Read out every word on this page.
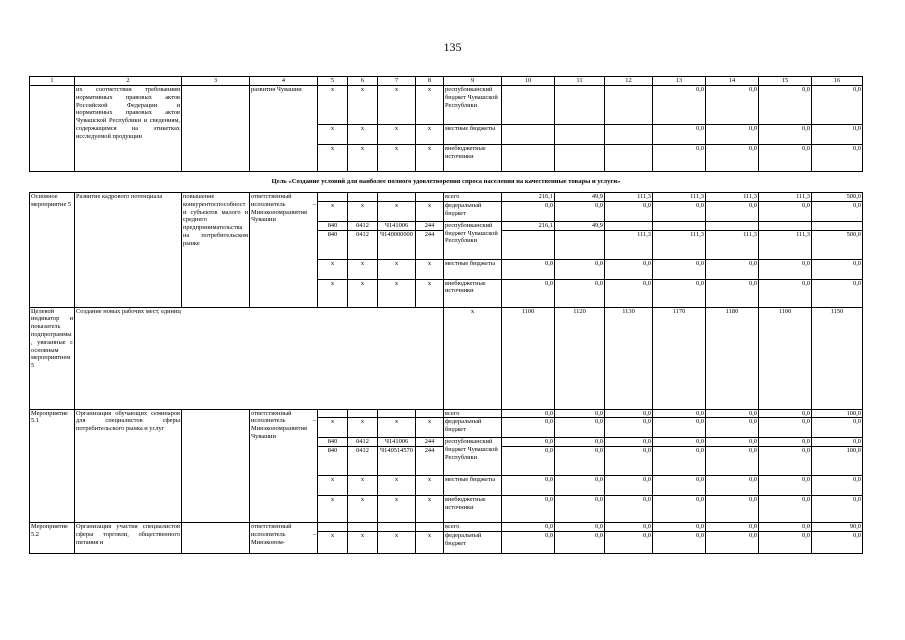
135
1	2	3	4	5	6	7	8	9	10	11	12	13	14	15	16
	их соответствия требованиям нормативных правовых актов Российской Федерации и нормативных правовых актов Чувашской Республики и сведениям, содержащимся на этикетках исследуемой продукции		развития Чувашии	x	x	x	x	республиканский бюджет Чувашской Республики				0,0	0,0	0,0	0,0
				x	x	x	x	местные бюджеты				0,0	0,0	0,0	0,0
				x	x	x	x	внебюджетные источники				0,0	0,0	0,0	0,0
Цель «Создание условий для наиболее полного удовлетворения спроса населения на качественные товары и услуги»															
Основное мероприятие 5	Развитие кадрового потенциала	повышение конкурентоспособности субъектов малого и среднего предпринимательства на потребительском рынке	ответственный исполнитель – Минэкономразвития Чувашии					всего	216,1	49,9	111,3	111,3	111,3	111,3	500,0
				x	x	x	x	федеральный бюджет	0,0	0,0	0,0	0,0	0,0	0,0	0,0
				840	0412	Ч141006	244	республиканский бюджет Чувашской Республики	216,1	49,9					
				840	0412	Ч140000000	244				111,3	111,3	111,3	111,3	500,0
				x	x	x	x	местные бюджеты	0,0	0,0	0,0	0,0	0,0	0,0	0,0
				x	x	x	x	внебюджетные источники	0,0	0,0	0,0	0,0	0,0	0,0	0,0
Целевой индикатор и показатель подпрограммы, увязанные с основным мероприятием 5	Создание новых рабочих мест, единиц							x	1100	1120	1130	1170	1180	1100	1150
Мероприятие 5.1	Организация обучающих семинаров для специалистов сферы потребительского рынка и услуг		ответственный исполнитель – Минэкономразвития Чувашии					всего	0,0	0,0	0,0	0,0	0,0	0,0	100,0
				x	x	x	x	федеральный бюджет	0,0	0,0	0,0	0,0	0,0	0,0	0,0
				840	0412	Ч141006	244	республиканский бюджет Чувашской Республики	0,0	0,0	0,0	0,0	0,0	0,0	0,0
				840	0412	Ч140514570	244		0,0	0,0	0,0	0,0	0,0	0,0	100,0
				x	x	x	x	местные бюджеты	0,0	0,0	0,0	0,0	0,0	0,0	0,0
				x	x	x	x	внебюджетные источники	0,0	0,0	0,0	0,0	0,0	0,0	0,0
Мероприятие 5.2	Организация участия специалистов сферы торговли, общественного питания и		ответственный исполнитель – Минэконом-					всего	0,0	0,0	0,0	0,0	0,0	0,0	90,0
				x	x	x	x	федеральный бюджет	0,0	0,0	0,0	0,0	0,0	0,0	0,0
